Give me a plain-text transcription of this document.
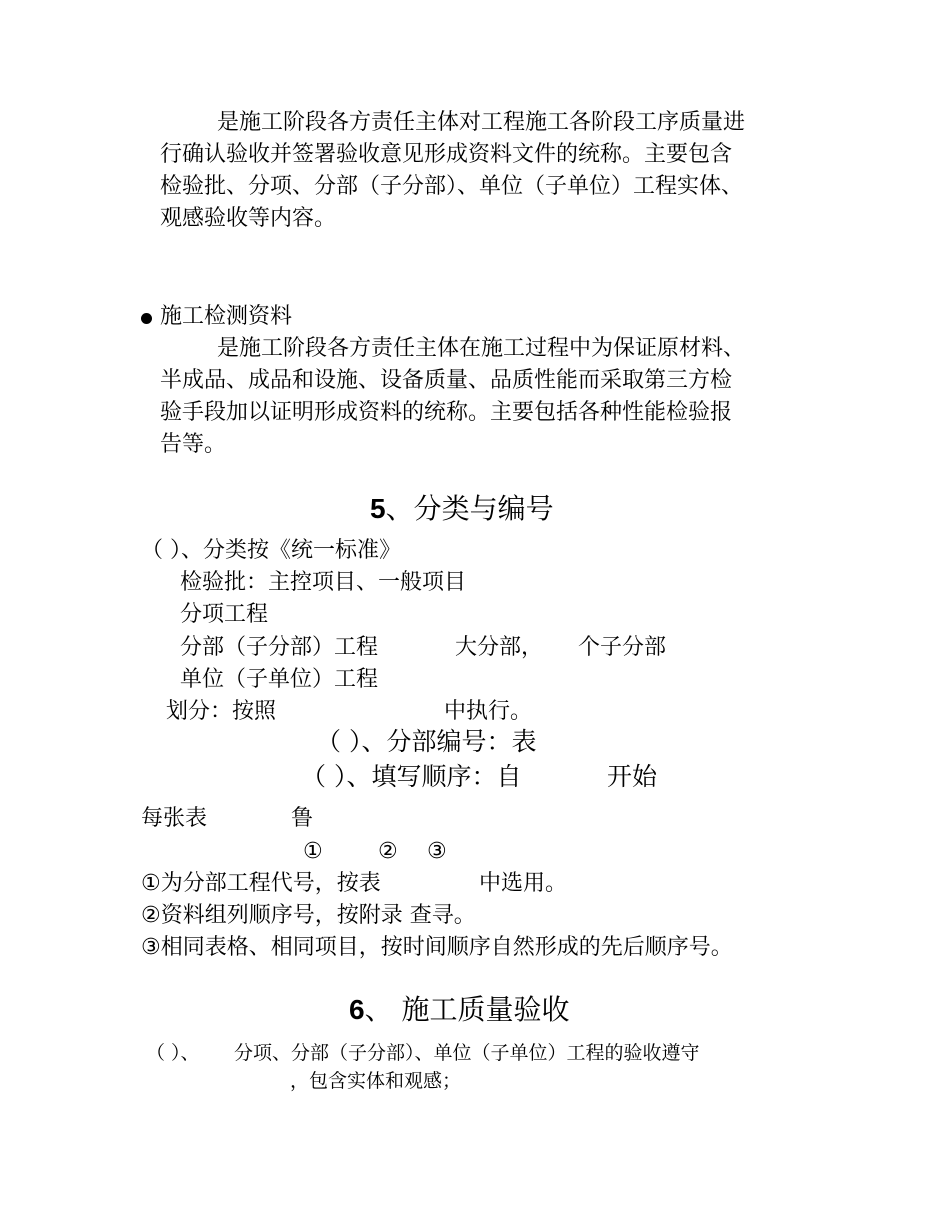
是施工阶段各方责任主体对工程施工各阶段工序质量进
行确认验收并签署验收意见形成资料文件的统称。主要包含
检验批、分项、分部（子分部）、单位（子单位）工程实体、
观感验收等内容。
施工检测资料
是施工阶段各方责任主体在施工过程中为保证原材料、
半成品、成品和设施、设备质量、品质性能而采取第三方检
验手段加以证明形成资料的统称。主要包括各种性能检验报
告等。
5、分类与编号
（ ）、分类按《统一标准》
检验批：主控项目、一般项目
分项工程
分部（子分部）工程	大分部， 个子分部
单位（子单位）工程
划分：按照	中执行。
（ ）、分部编号：表
（ ）、填写顺序：自	开始
每张表	鲁
①	② ③
①为分部工程代号，按表	中选用。
②资料组列顺序号，按附录 查寻。
③相同表格、相同项目，按时间顺序自然形成的先后顺序号。
6、 施工质量验收
（ ）、 分项、分部（子分部）、单位（子单位）工程的验收遵守
，包含实体和观感；
